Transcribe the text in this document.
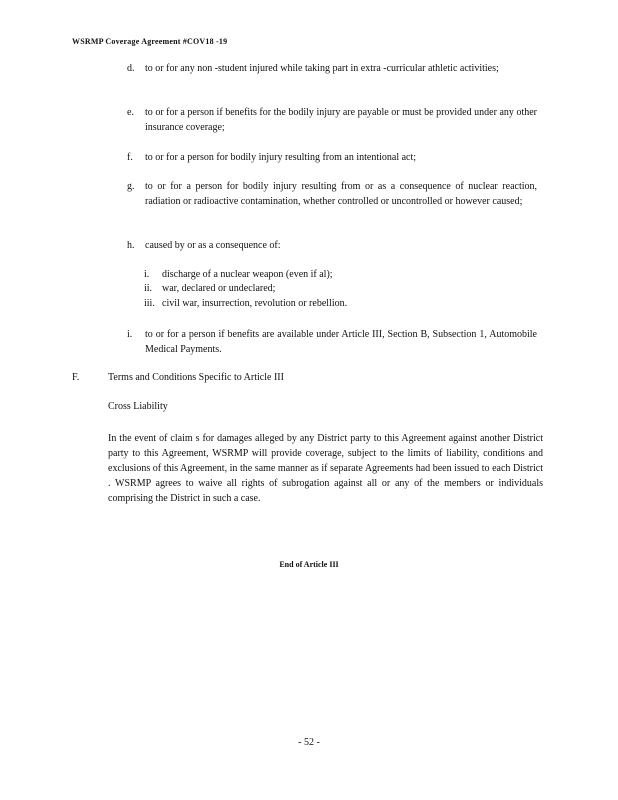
WSRMP Coverage Agreement #COV18 -19
d. to or for any non -student injured while taking part in extra -curricular athletic activities;
e. to or for a person if benefits for the bodily injury are payable or must be provided under any other insurance coverage;
f. to or for a person for bodily injury resulting from an intentional act;
g. to or for a person for bodily injury resulting from or as a consequence of nuclear reaction, radiation or radioactive contamination, whether controlled or uncontrolled or however caused;
h. caused by or as a consequence of:
i. discharge of a nuclear weapon (even if al);
ii. war, declared or undeclared;
iii. civil war, insurrection, revolution or rebellion.
i. to or for a person if benefits are available under Article III, Section B, Subsection 1, Automobile Medical Payments.
F.	Terms and Conditions Specific to Article III
Cross Liability
In the event of claim s for damages alleged by any District party to this Agreement against another District party to this Agreement, WSRMP will provide coverage, subject to the limits of liability, conditions and exclusions of this Agreement, in the same manner as if separate Agreements had been issued to each District . WSRMP agrees to waive all rights of subrogation against all or any of the members or individuals comprising the District in such a case.
End of Article III
- 52 -
